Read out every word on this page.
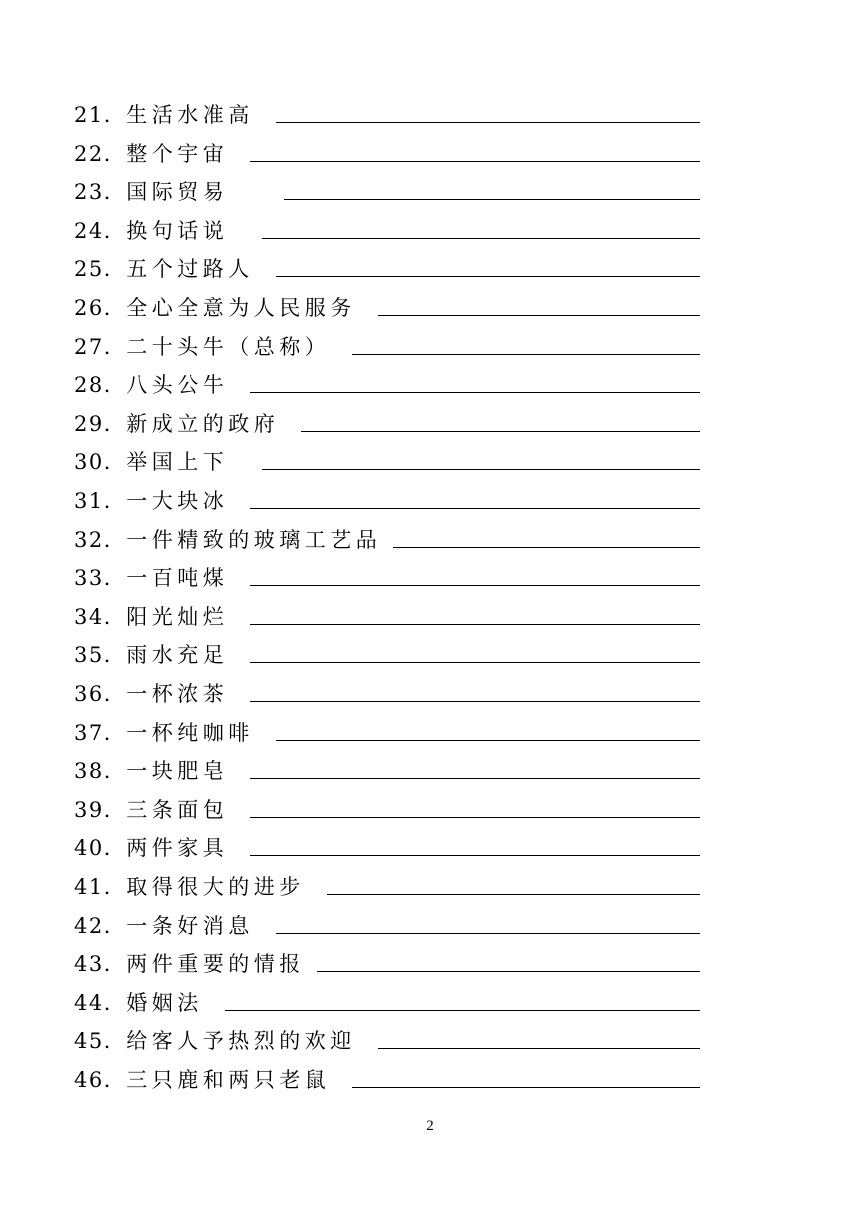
21． 生活水准高
22． 整个宇宙
23． 国际贸易
24． 换句话说
25． 五个过路人
26． 全心全意为人民服务
27． 二十头牛（总称）
28． 八头公牛
29． 新成立的政府
30． 举国上下
31． 一大块冰
32． 一件精致的玻璃工艺品
33． 一百吨煤
34． 阳光灿烂
35． 雨水充足
36． 一杯浓茶
37． 一杯纯咖啡
38． 一块肥皂
39． 三条面包
40． 两件家具
41． 取得很大的进步
42． 一条好消息
43． 两件重要的情报
44． 婚姻法
45． 给客人予热烈的欢迎
46． 三只鹿和两只老鼠
2
